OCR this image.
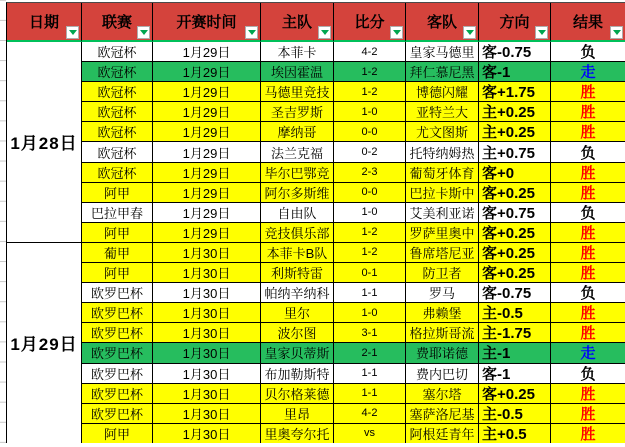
日期	联赛	开赛时间	主队	比分	客队	方向	结果
1月28日
欧冠杯	1月29日	本菲卡	4-2	皇家马德里 客-0.75	负
欧冠杯	1月29日	埃因霍温	1-2	拜仁慕尼黑 客-1	走
欧冠杯	1月29日	马德里竞技	1-2	博德闪耀 客+1.75	胜
欧冠杯	1月29日	圣吉罗斯	1-0	亚特兰大 主+0.25	胜
欧冠杯	1月29日	摩纳哥	0-0	尤文图斯 主+0.25	胜
欧冠杯	1月29日	法兰克福	0-2	托特纳姆热 主+0.75	负
欧冠杯	1月29日	毕尔巴鄂竞	2-3	葡萄牙体育 客+0	胜
阿甲	1月29日	阿尔多斯维	0-0	巴拉卡斯中 客+0.25	胜
巴拉甲春	1月29日	自由队	1-0	艾美利亚诺 客+0.75	负
阿甲	1月29日	竞技俱乐部	1-2	罗萨里奥中 客+0.25	胜
1月29日
葡甲	1月30日	本菲卡B队	1-2	鲁席塔尼亚 客+0.25	胜
阿甲	1月30日	利斯特雷	0-1	防卫者	客+0.25	胜
欧罗巴杯	1月30日	帕纳辛纳科	1-1	罗马	客-0.75	负
欧罗巴杯	1月30日	里尔	1-0	弗赖堡	主-0.5	胜
欧罗巴杯	1月30日	波尔图	3-1	格拉斯哥流 主-1.75	胜
欧罗巴杯	1月30日	皇家贝蒂斯	2-1	费耶诺德 主-1	走
欧罗巴杯	1月30日	布加勒斯特	1-1	费内巴切 客-1	负
欧罗巴杯	1月30日	贝尔格莱德	1-1	塞尔塔	客+0.25	胜
欧罗巴杯	1月30日	里昂	4-2	塞萨洛尼基 主-0.5	胜
阿甲	1月30日	里奥夸尔托	vs	阿根廷青年 主+0.5	胜
